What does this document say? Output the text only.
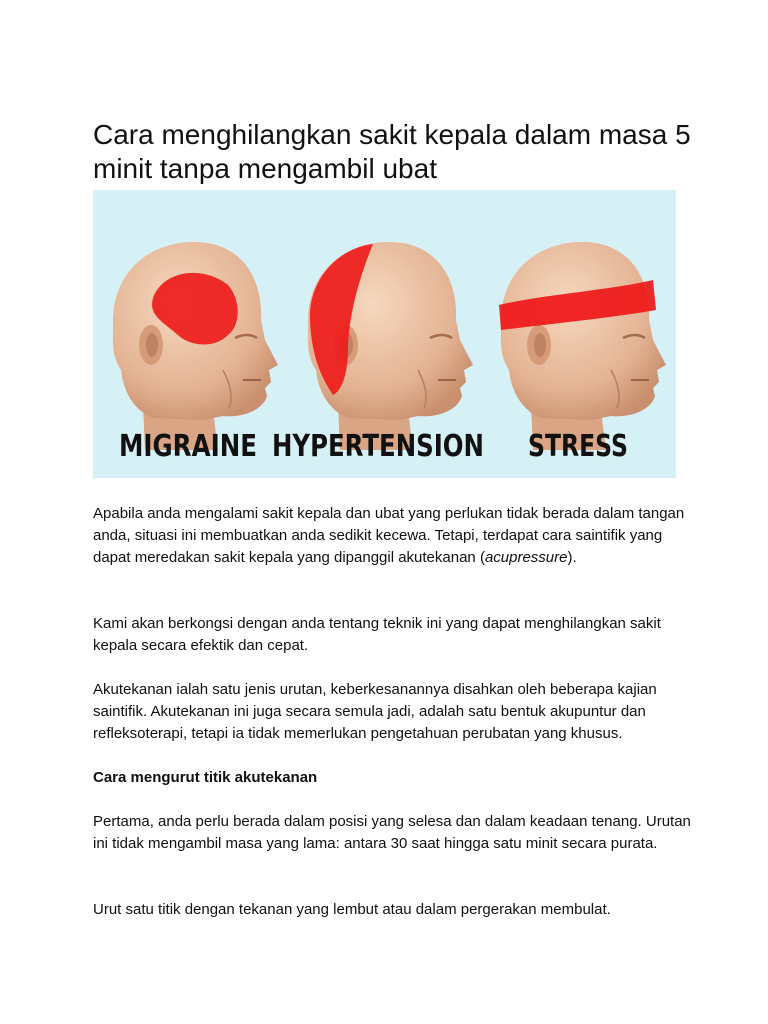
Cara menghilangkan sakit kepala dalam masa 5 minit tanpa mengambil ubat
MIGRAINE HYPERTENSION STRESS

Apabila anda mengalami sakit kepala dan ubat yang perlukan tidak berada dalam tangan anda, situasi ini membuatkan anda sedikit kecewa. Tetapi, terdapat cara saintifik yang dapat meredakan sakit kepala yang dipanggil akutekanan (acupressure).

Kami akan berkongsi dengan anda tentang teknik ini yang dapat menghilangkan sakit kepala secara efektik dan cepat.

Akutekanan ialah satu jenis urutan, keberkesanannya disahkan oleh beberapa kajian saintifik. Akutekanan ini juga secara semula jadi, adalah satu bentuk akupuntur dan refleksoterapi, tetapi ia tidak memerlukan pengetahuan perubatan yang khusus.

Cara mengurut titik akutekanan

Pertama, anda perlu berada dalam posisi yang selesa dan dalam keadaan tenang. Urutan ini tidak mengambil masa yang lama: antara 30 saat hingga satu minit secara purata.

Urut satu titik dengan tekanan yang lembut atau dalam pergerakan membulat.
